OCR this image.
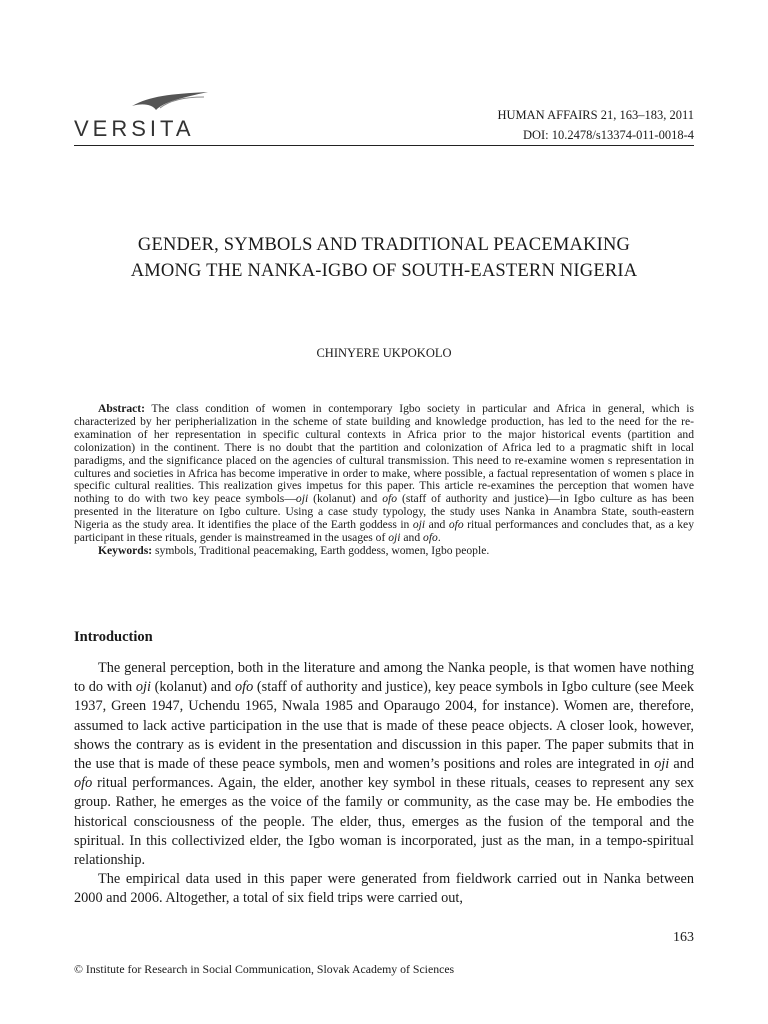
VERSITA
HUMAN AFFAIRS 21, 163–183, 2011
DOI: 10.2478/s13374-011-0018-4
GENDER, SYMBOLS AND TRADITIONAL PEACEMAKING
AMONG THE NANKA-IGBO OF SOUTH-EASTERN NIGERIA
CHINYERE UKPOKOLO

Abstract: The class condition of women in contemporary Igbo society in particular and Africa in general, which is characterized by her peripherialization in the scheme of state building and knowledge production, has led to the need for the re-examination of her representation in specific cultural contexts in Africa prior to the major historical events (partition and colonization) in the continent. There is no doubt that the partition and colonization of Africa led to a pragmatic shift in local paradigms, and the significance placed on the agencies of cultural transmission. This need to re-examine women s representation in cultures and societies in Africa has become imperative in order to make, where possible, a factual representation of women s place in specific cultural realities. This realization gives impetus for this paper. This article re-examines the perception that women have nothing to do with two key peace symbols—oji (kolanut) and ofo (staff of authority and justice)—in Igbo culture as has been presented in the literature on Igbo culture. Using a case study typology, the study uses Nanka in Anambra State, south-eastern Nigeria as the study area. It identifies the place of the Earth goddess in oji and ofo ritual performances and concludes that, as a key participant in these rituals, gender is mainstreamed in the usages of oji and ofo.

Keywords: symbols, Traditional peacemaking, Earth goddess, women, Igbo people.

Introduction

The general perception, both in the literature and among the Nanka people, is that women have nothing to do with oji (kolanut) and ofo (staff of authority and justice), key peace symbols in Igbo culture (see Meek 1937, Green 1947, Uchendu 1965, Nwala 1985 and Oparaugo 2004, for instance). Women are, therefore, assumed to lack active participation in the use that is made of these peace objects. A closer look, however, shows the contrary as is evident in the presentation and discussion in this paper. The paper submits that in the use that is made of these peace symbols, men and women’s positions and roles are integrated in oji and ofo ritual performances. Again, the elder, another key symbol in these rituals, ceases to represent any sex group. Rather, he emerges as the voice of the family or community, as the case may be. He embodies the historical consciousness of the people. The elder, thus, emerges as the fusion of the temporal and the spiritual. In this collectivized elder, the Igbo woman is incorporated, just as the man, in a tempo-spiritual relationship.

The empirical data used in this paper were generated from fieldwork carried out in Nanka between 2000 and 2006. Altogether, a total of six field trips were carried out,

163
© Institute for Research in Social Communication, Slovak Academy of Sciences
